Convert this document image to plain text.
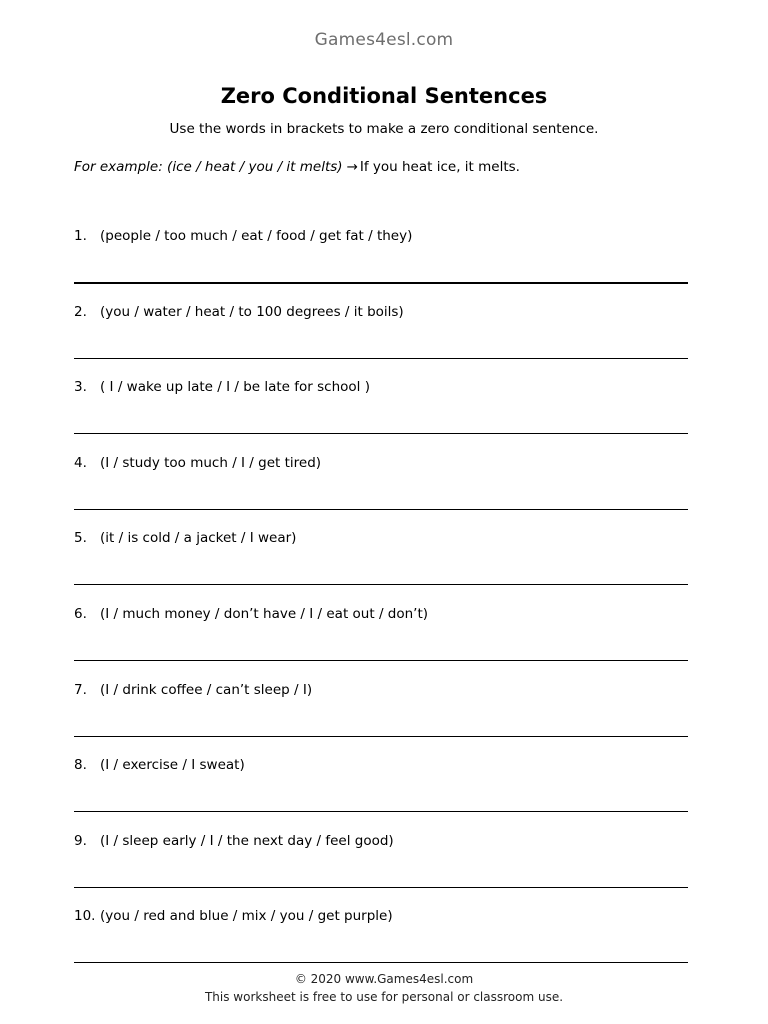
Games4esl.com
Zero Conditional Sentences
Use the words in brackets to make a zero conditional sentence.
For example: (ice / heat / you / it melts) → If you heat ice, it melts.
1. (people / too much / eat / food / get fat / they)
2. (you / water / heat / to 100 degrees / it boils)
3. ( I / wake up late / I / be late for school )
4. (I / study too much / I / get tired)
5. (it / is cold / a jacket / I wear)
6. (I / much money / don’t have / I / eat out / don’t)
7. (I / drink coffee / can’t sleep / I)
8. (I / exercise / I sweat)
9. (I / sleep early / I / the next day / feel good)
10. (you / red and blue / mix / you / get purple)
© 2020 www.Games4esl.com
This worksheet is free to use for personal or classroom use.
